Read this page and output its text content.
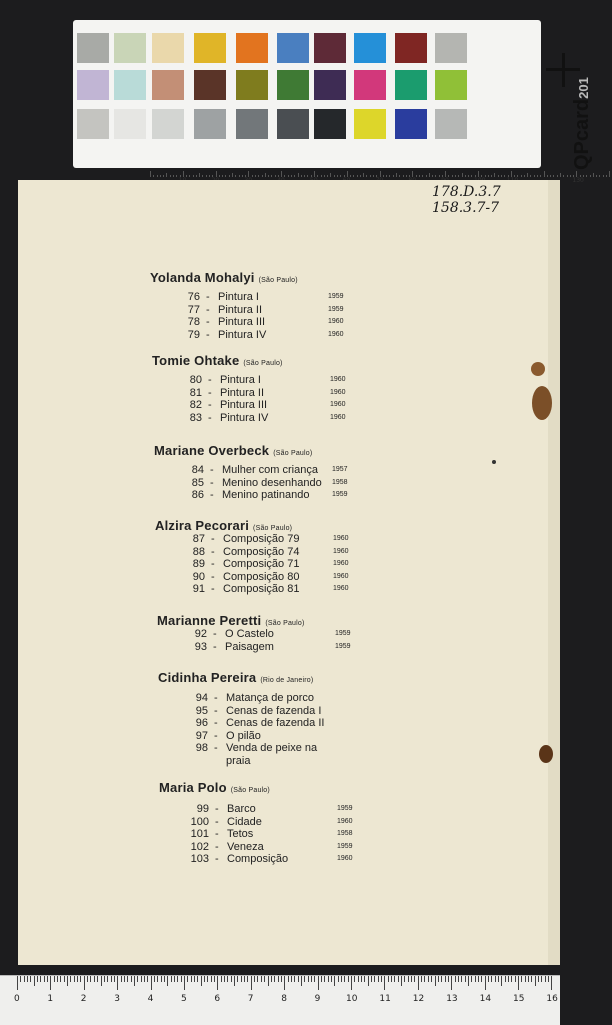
QPcard201
130
178.D.3.7
158.3.7-7
Yolanda Mohalyi (São Paulo)
76 - Pintura I	1959
77 - Pintura II	1959
78 - Pintura III	1960
79 - Pintura IV	1960
Tomie Ohtake (São Paulo)
80 - Pintura I	1960
81 - Pintura II	1960
82 - Pintura III	1960
83 - Pintura IV	1960
Mariane Overbeck (São Paulo)
84 - Mulher com criança 1957
85 - Menino desenhando 1958
86 - Menino patinando	1959
Alzira Pecorari (São Paulo)
87 - Composição 79	1960
88 - Composição 74	1960
89 - Composição 71	1960
90 - Composição 80	1960
91 - Composição 81	1960
Marianne Peretti (São Paulo)
92 - O Castelo	1959
93 - Paisagem	1959
Cidinha Pereira (Rio de Janeiro)
94 - Matança de porco
95 - Cenas de fazenda I
96 - Cenas de fazenda II
97 - O pilão
98 - Venda de peixe na
praia
Maria Polo (São Paulo)
99 - Barco	1959
100 - Cidade	1960
101 - Tetos	1958
102 - Veneza	1959
103 - Composição	1960
0	1	2	3	4	5	6	7	8	9	10 11 12 13 14 15 16
